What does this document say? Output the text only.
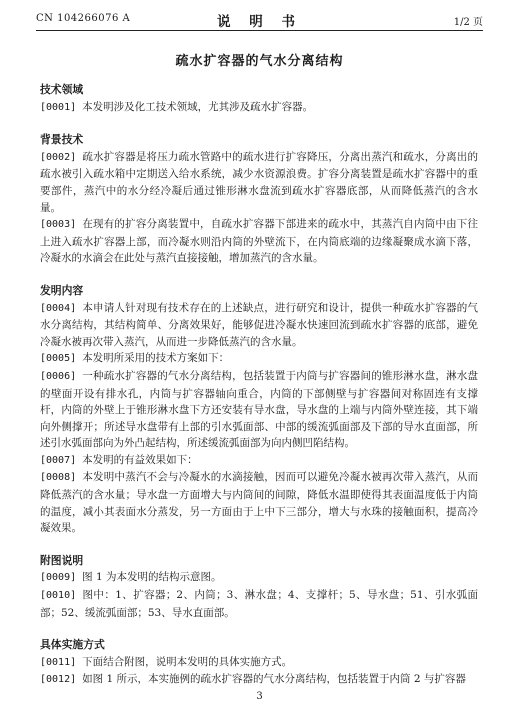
CN 104266076 A	说 明 书	1/2 页
疏水扩容器的气水分离结构
技术领域

[0001] 本发明涉及化工技术领域，尤其涉及疏水扩容器。

背景技术

[0002] 疏水扩容器是将压力疏水管路中的疏水进行扩容降压，分离出蒸汽和疏水，分离出的疏水被引入疏水箱中定期送入给水系统，减少水资源浪费。扩容分离装置是疏水扩容器中的重要部件，蒸汽中的水分经冷凝后通过锥形淋水盘流到疏水扩容器底部，从而降低蒸汽的含水量。

[0003] 在现有的扩容分离装置中，自疏水扩容器下部进来的疏水中，其蒸汽自内筒中由下往上进入疏水扩容器上部，而冷凝水则沿内筒的外壁流下，在内筒底端的边缘凝聚成水滴下落，冷凝水的水滴会在此处与蒸汽直接接触，增加蒸汽的含水量。

发明内容

[0004] 本申请人针对现有技术存在的上述缺点，进行研究和设计，提供一种疏水扩容器的气水分离结构，其结构简单、分离效果好，能够促进冷凝水快速回流到疏水扩容器的底部，避免冷凝水被再次带入蒸汽，从而进一步降低蒸汽的含水量。

[0005] 本发明所采用的技术方案如下：

[0006] 一种疏水扩容器的气水分离结构，包括装置于内筒与扩容器间的锥形淋水盘，淋水盘的壁面开设有排水孔，内筒与扩容器轴向重合，内筒的下部侧壁与扩容器间对称固连有支撑杆，内筒的外壁上于锥形淋水盘下方还安装有导水盘，导水盘的上端与内筒外壁连接，其下端向外侧撑开；所述导水盘带有上部的引水弧面部、中部的缓流弧面部及下部的导水直面部，所述引水弧面部向为外凸起结构，所述缓流弧面部为向内侧凹陷结构。

[0007] 本发明的有益效果如下：

[0008] 本发明中蒸汽不会与冷凝水的水滴接触，因而可以避免冷凝水被再次带入蒸汽，从而降低蒸汽的含水量；导水盘一方面增大与内筒间的间隙，降低水温即使得其表面温度低于内筒的温度，减小其表面水分蒸发，另一方面由于上中下三部分，增大与水珠的接触面积，提高冷凝效果。

附图说明

[0009] 图 1 为本发明的结构示意图。

[0010] 图中：1、扩容器；2、内筒；3、淋水盘；4、支撑杆；5、导水盘；51、引水弧面部；52、缓流弧面部；53、导水直面部。

具体实施方式

[0011] 下面结合附图，说明本发明的具体实施方式。

[0012] 如图 1 所示，本实施例的疏水扩容器的气水分离结构，包括装置于内筒 2 与扩容器

3
